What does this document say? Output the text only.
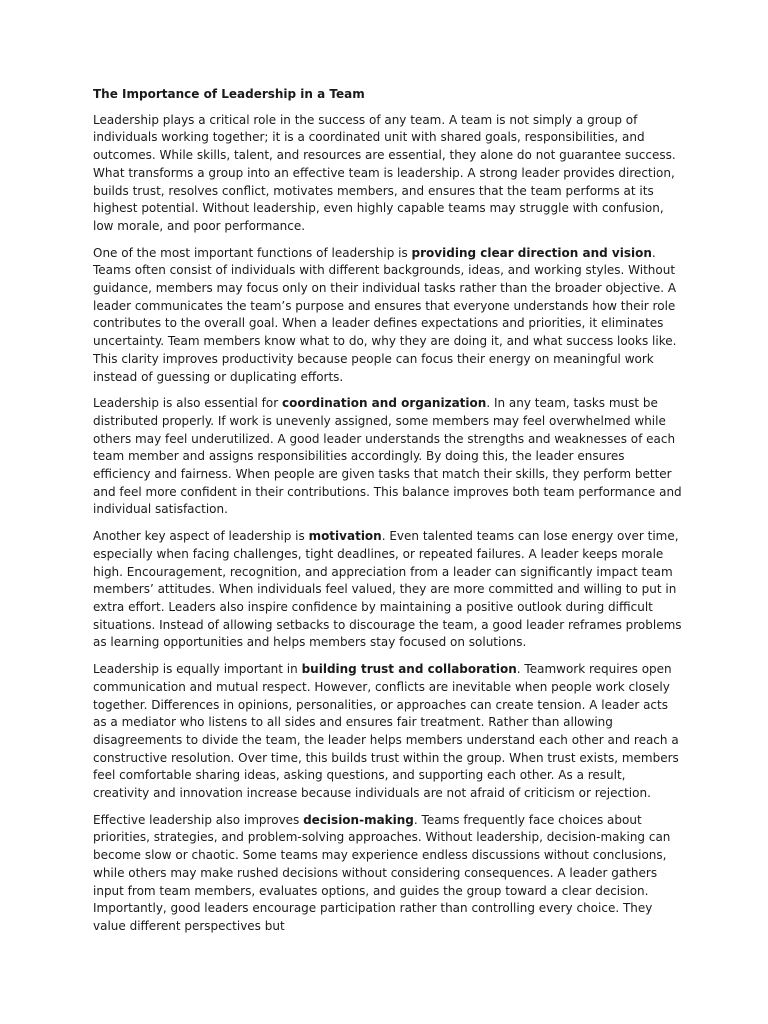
The Importance of Leadership in a Team

Leadership plays a critical role in the success of any team. A team is not simply a group of individuals working together; it is a coordinated unit with shared goals, responsibilities, and outcomes. While skills, talent, and resources are essential, they alone do not guarantee success. What transforms a group into an effective team is leadership. A strong leader provides direction, builds trust, resolves conflict, motivates members, and ensures that the team performs at its highest potential. Without leadership, even highly capable teams may struggle with confusion, low morale, and poor performance.

One of the most important functions of leadership is providing clear direction and vision. Teams often consist of individuals with different backgrounds, ideas, and working styles. Without guidance, members may focus only on their individual tasks rather than the broader objective. A leader communicates the team’s purpose and ensures that everyone understands how their role contributes to the overall goal. When a leader defines expectations and priorities, it eliminates uncertainty. Team members know what to do, why they are doing it, and what success looks like. This clarity improves productivity because people can focus their energy on meaningful work instead of guessing or duplicating efforts.

Leadership is also essential for coordination and organization. In any team, tasks must be distributed properly. If work is unevenly assigned, some members may feel overwhelmed while others may feel underutilized. A good leader understands the strengths and weaknesses of each team member and assigns responsibilities accordingly. By doing this, the leader ensures efficiency and fairness. When people are given tasks that match their skills, they perform better and feel more confident in their contributions. This balance improves both team performance and individual satisfaction.

Another key aspect of leadership is motivation. Even talented teams can lose energy over time, especially when facing challenges, tight deadlines, or repeated failures. A leader keeps morale high. Encouragement, recognition, and appreciation from a leader can significantly impact team members’ attitudes. When individuals feel valued, they are more committed and willing to put in extra effort. Leaders also inspire confidence by maintaining a positive outlook during difficult situations. Instead of allowing setbacks to discourage the team, a good leader reframes problems as learning opportunities and helps members stay focused on solutions.

Leadership is equally important in building trust and collaboration. Teamwork requires open communication and mutual respect. However, conflicts are inevitable when people work closely together. Differences in opinions, personalities, or approaches can create tension. A leader acts as a mediator who listens to all sides and ensures fair treatment. Rather than allowing disagreements to divide the team, the leader helps members understand each other and reach a constructive resolution. Over time, this builds trust within the group. When trust exists, members feel comfortable sharing ideas, asking questions, and supporting each other. As a result, creativity and innovation increase because individuals are not afraid of criticism or rejection.

Effective leadership also improves decision-making. Teams frequently face choices about priorities, strategies, and problem-solving approaches. Without leadership, decision-making can become slow or chaotic. Some teams may experience endless discussions without conclusions, while others may make rushed decisions without considering consequences. A leader gathers input from team members, evaluates options, and guides the group toward a clear decision. Importantly, good leaders encourage participation rather than controlling every choice. They value different perspectives but
